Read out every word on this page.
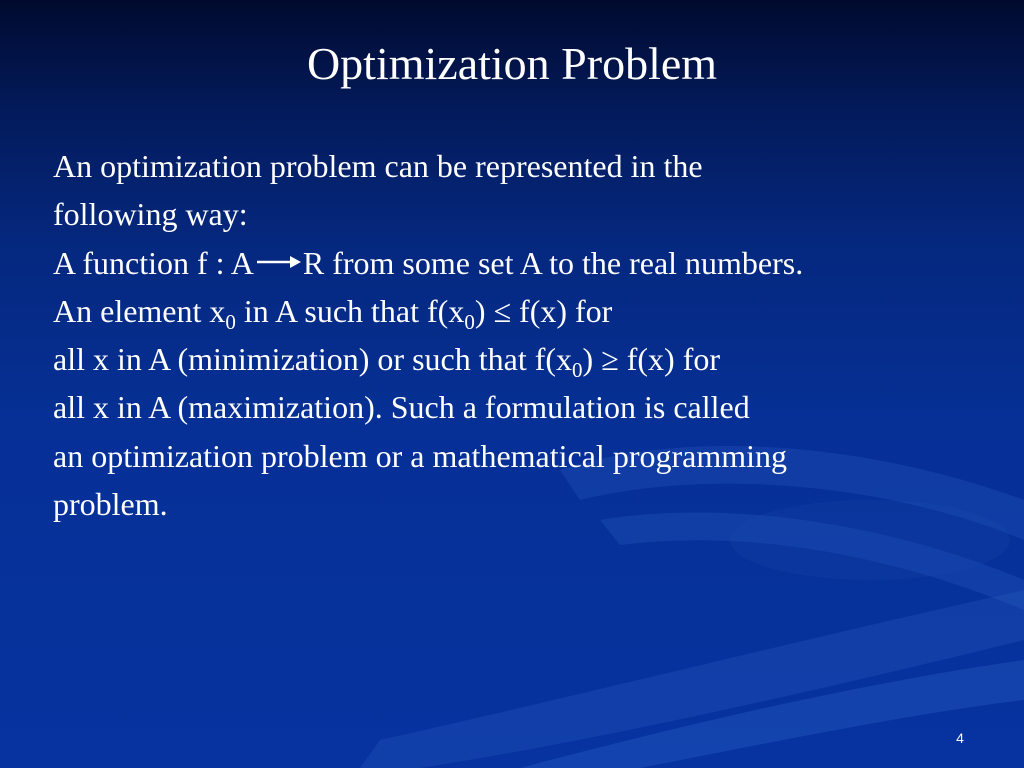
Optimization Problem
An optimization problem can be represented in the
following way:
A function f : A R from some set A to the real numbers.
An element $x_0$ in A such that $f(x_0) \le f(x)$ for
all x in A (minimization) or such that $f(x_0) \ge f(x)$ for
all x in A (maximization). Such a formulation is called
an optimization problem or a mathematical programming
problem.
4
